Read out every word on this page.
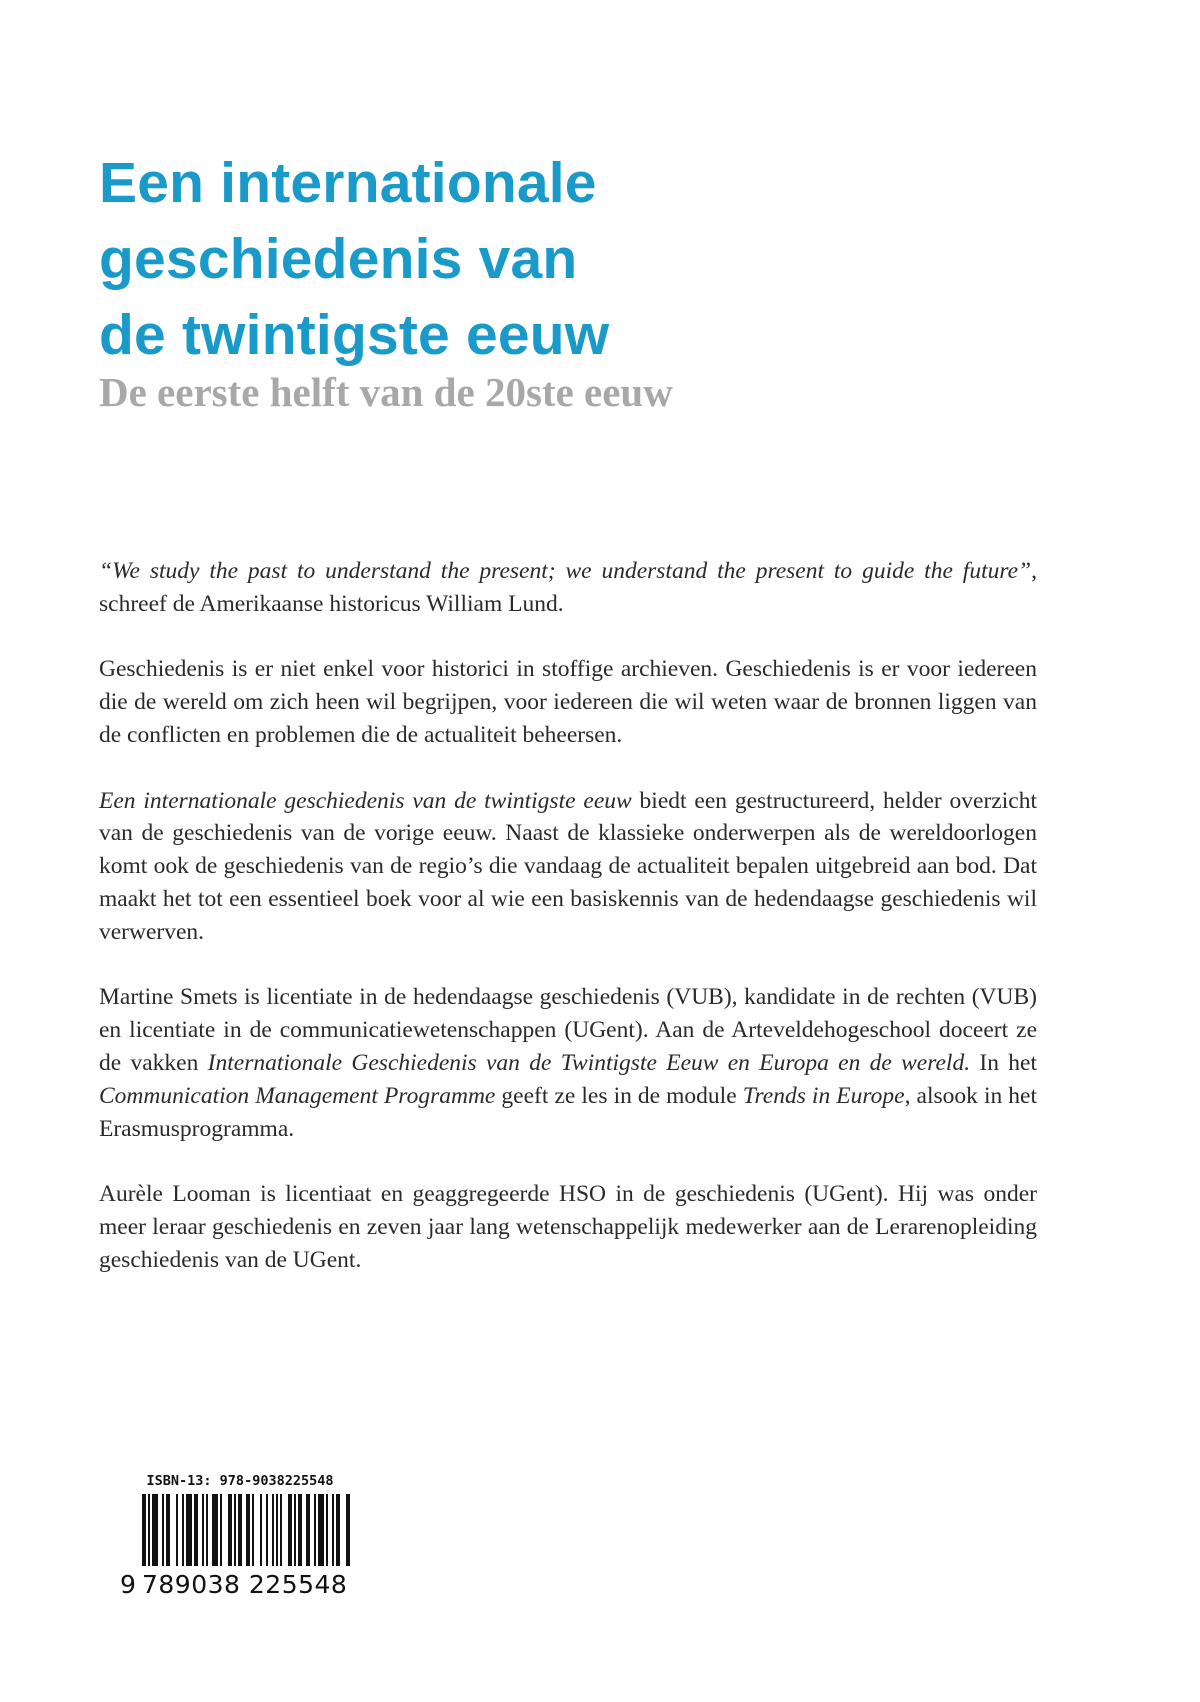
Een internationale
geschiedenis van
de twintigste eeuw
De eerste helft van de 20ste eeuw

“We study the past to understand the present; we understand the present to guide the future”, schreef de Amerikaanse historicus William Lund.

Geschiedenis is er niet enkel voor historici in stoffige archieven. Geschiedenis is er voor iedereen die de wereld om zich heen wil begrijpen, voor iedereen die wil weten waar de bronnen liggen van de conflicten en problemen die de actualiteit beheersen.

Een internationale geschiedenis van de twintigste eeuw biedt een gestructureerd, helder overzicht van de geschiedenis van de vorige eeuw. Naast de klassieke onderwerpen als de wereldoorlogen komt ook de geschiedenis van de regio’s die vandaag de actualiteit bepalen uitgebreid aan bod. Dat maakt het tot een essentieel boek voor al wie een basiskennis van de hedendaagse geschiedenis wil verwerven.

Martine Smets is licentiate in de hedendaagse geschiedenis (VUB), kandidate in de rechten (VUB) en licentiate in de communicatiewetenschappen (UGent). Aan de Arteveldehogeschool doceert ze de vakken Internationale Geschiedenis van de Twintigste Eeuw en Europa en de wereld. In het Communication Management Programme geeft ze les in de module Trends in Europe, alsook in het Erasmusprogramma.

Aurèle Looman is licentiaat en geaggregeerde HSO in de geschiedenis (UGent). Hij was onder meer leraar geschiedenis en zeven jaar lang wetenschappelijk medewerker aan de Lerarenopleiding geschiedenis van de UGent.

ISBN-13: 978-9038225548
9 789038 225548
